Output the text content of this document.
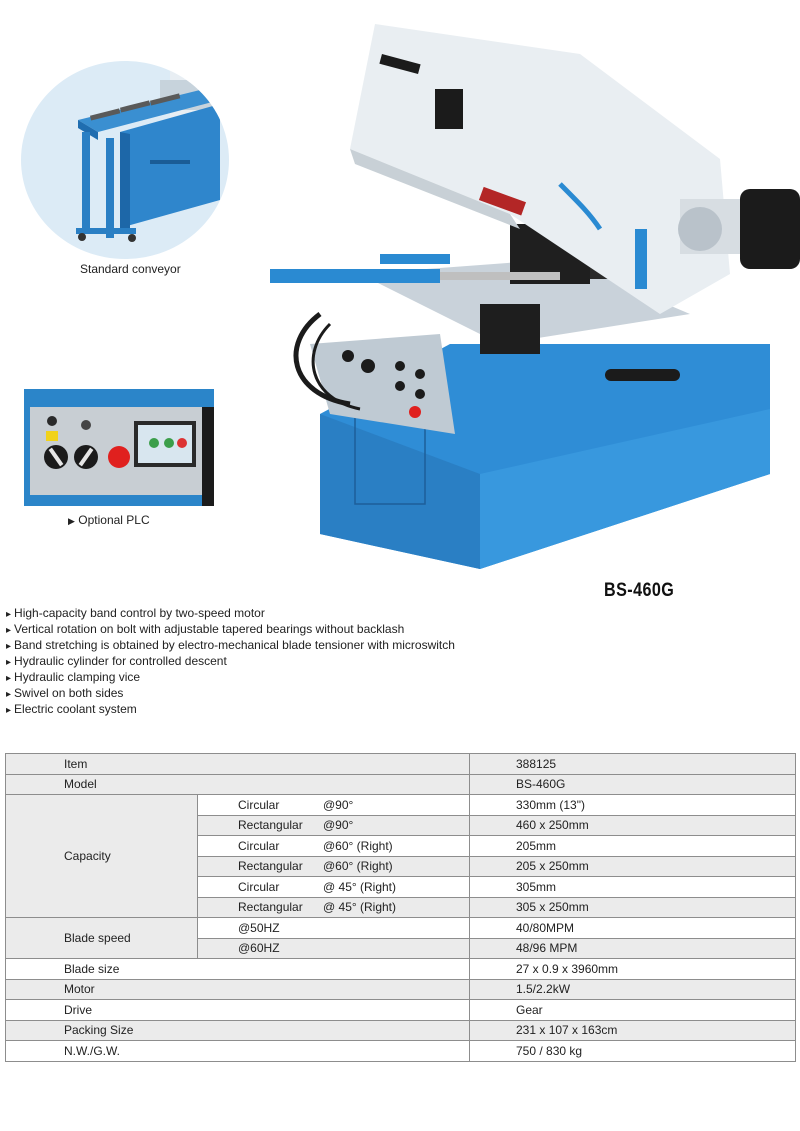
Standard conveyor
▶ Optional PLC
BS-460G
▸ High-capacity band control by two-speed motor
▸ Vertical rotation on bolt with adjustable tapered bearings without backlash
▸ Band stretching is obtained by electro-mechanical blade tensioner with microswitch
▸ Hydraulic cylinder for controlled descent
▸ Hydraulic clamping vice
▸ Swivel on both sides
▸ Electric coolant system
Item		388125
Model		BS-460G
Capacity	Circular @90°	330mm (13")
	Rectangular @90°	460 x 250mm
	Circular @60° (Right)	205mm
	Rectangular @60° (Right)	205 x 250mm
	Circular @ 45° (Right)	305mm
	Rectangular @ 45° (Right)	305 x 250mm
Blade speed	@50HZ	40/80MPM
	@60HZ	48/96 MPM
Blade size		27 x 0.9 x 3960mm
Motor		1.5/2.2kW
Drive		Gear
Packing Size		231 x 107 x 163cm
N.W./G.W.		750 / 830 kg
